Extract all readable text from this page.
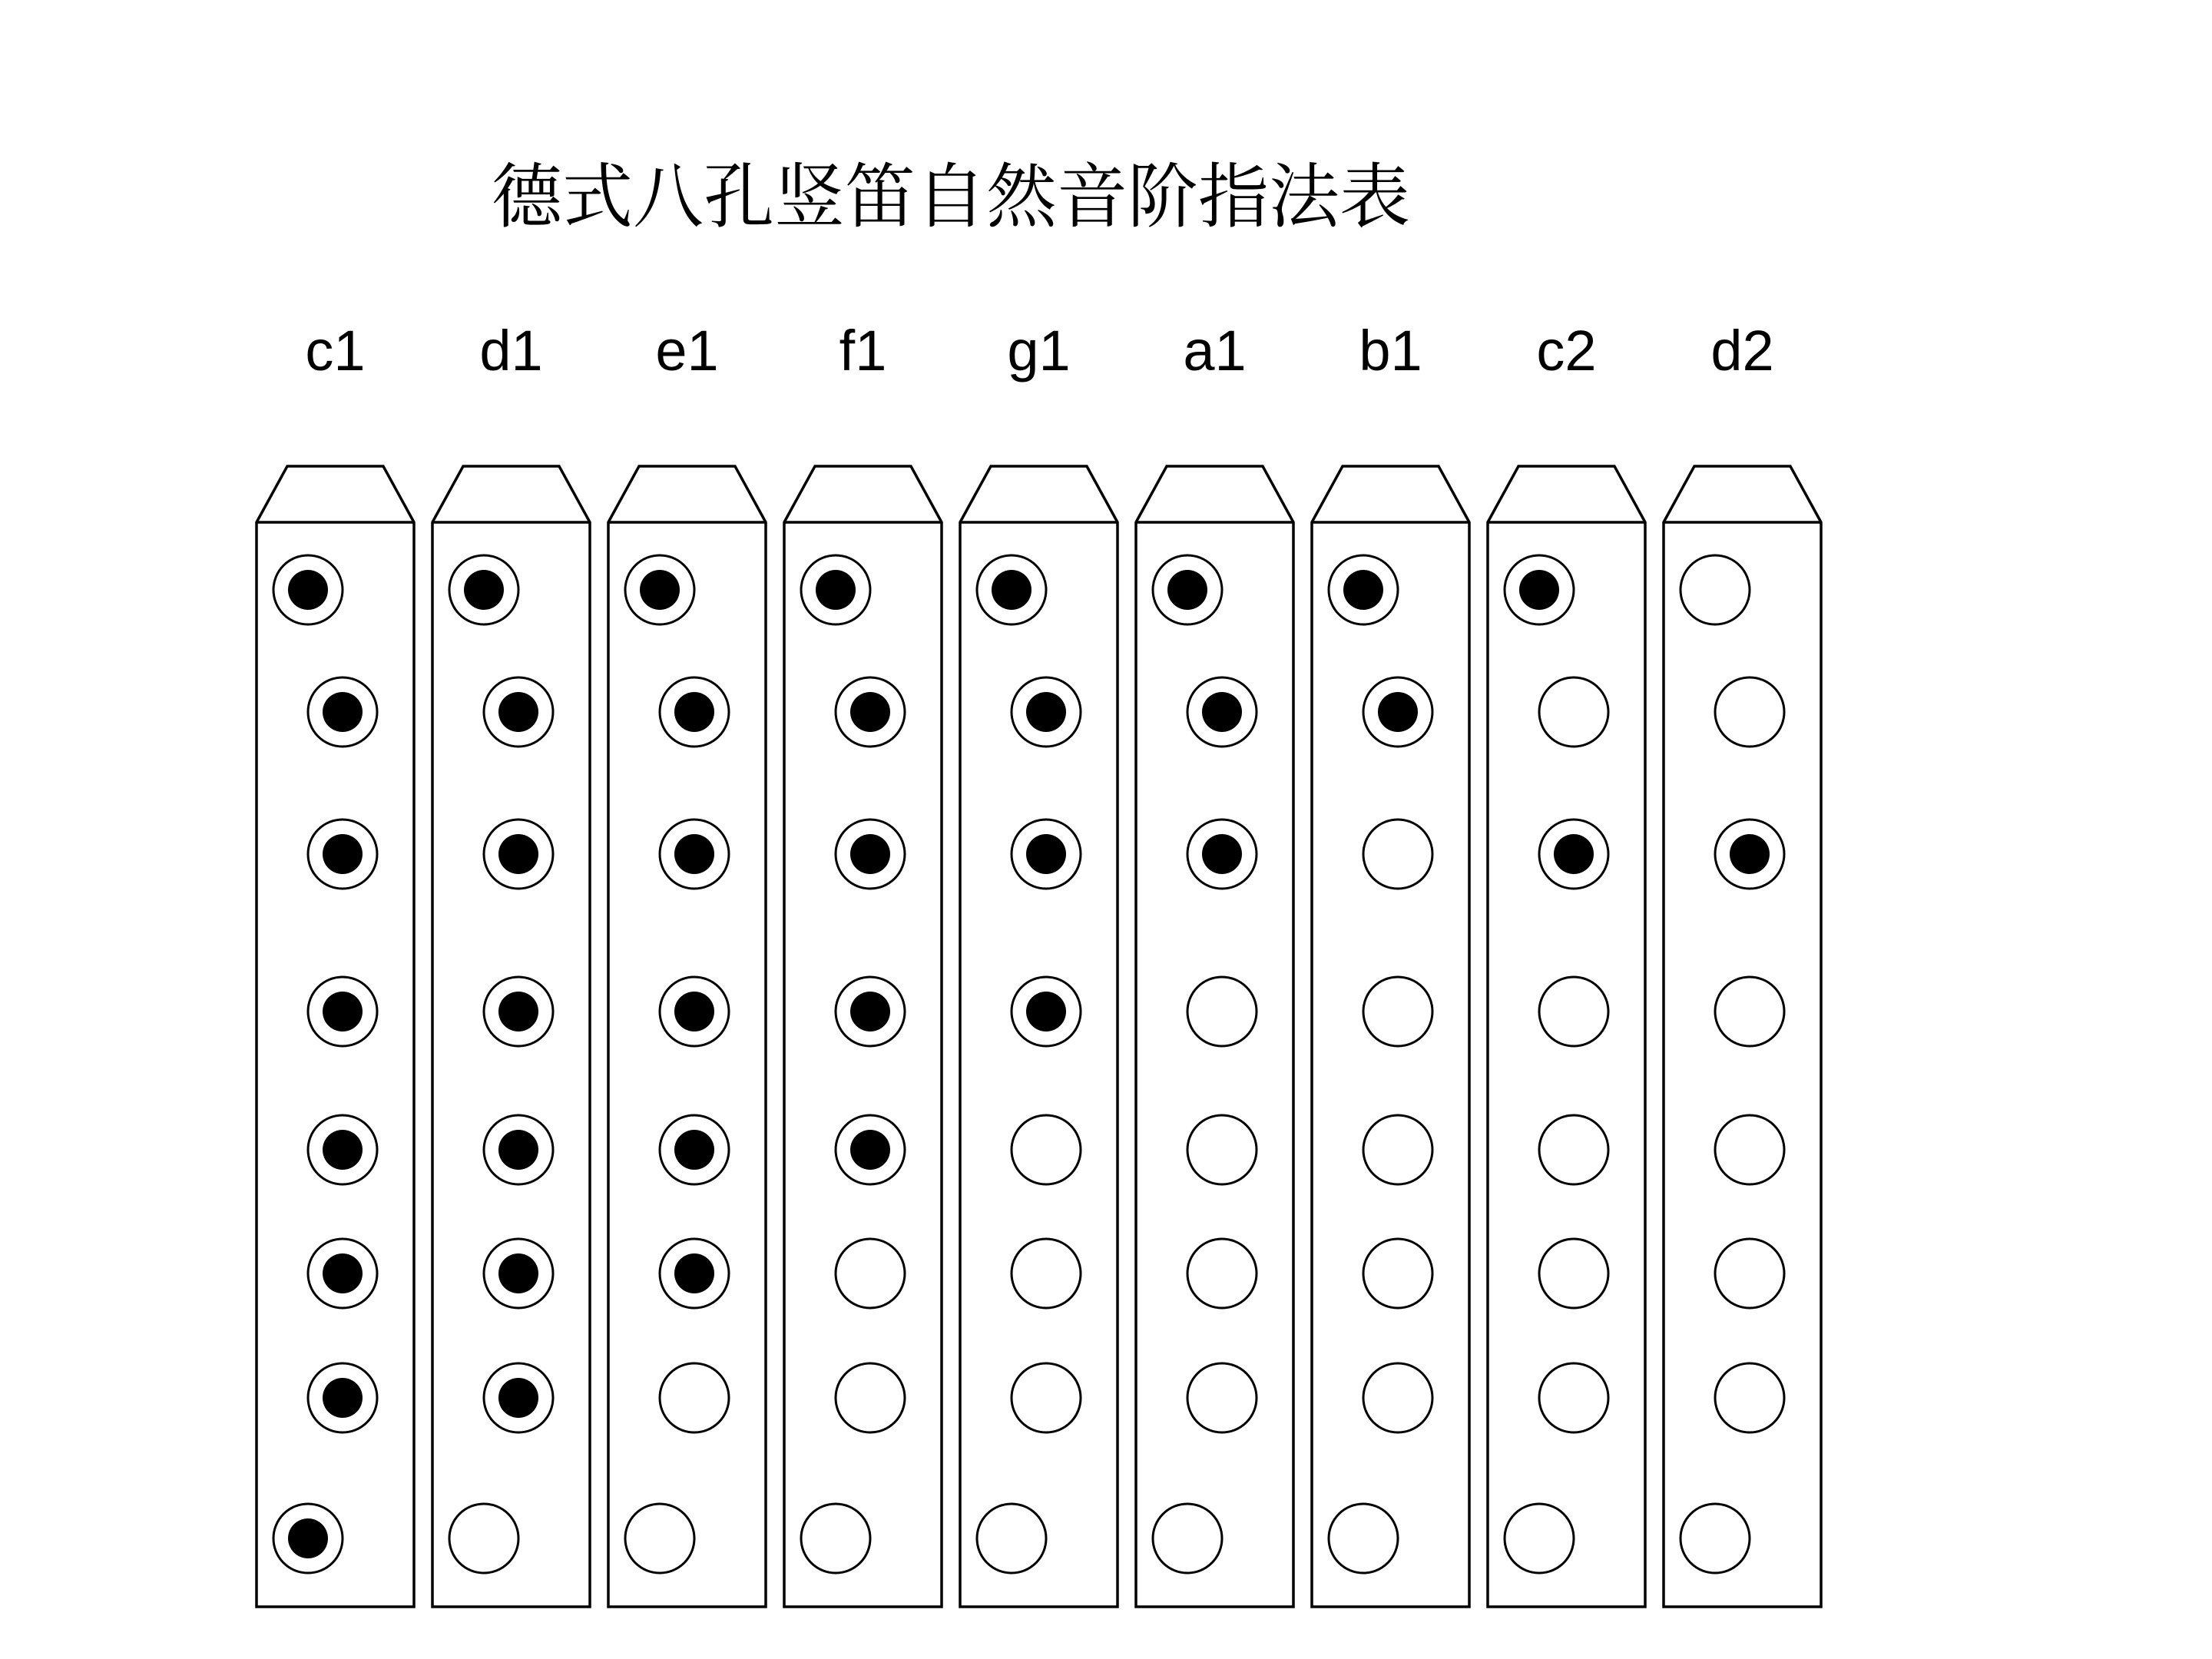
德式八孔竖笛自然音阶指法表
c1 d1 e1 f1 g1 a1 b1 c2 d2
